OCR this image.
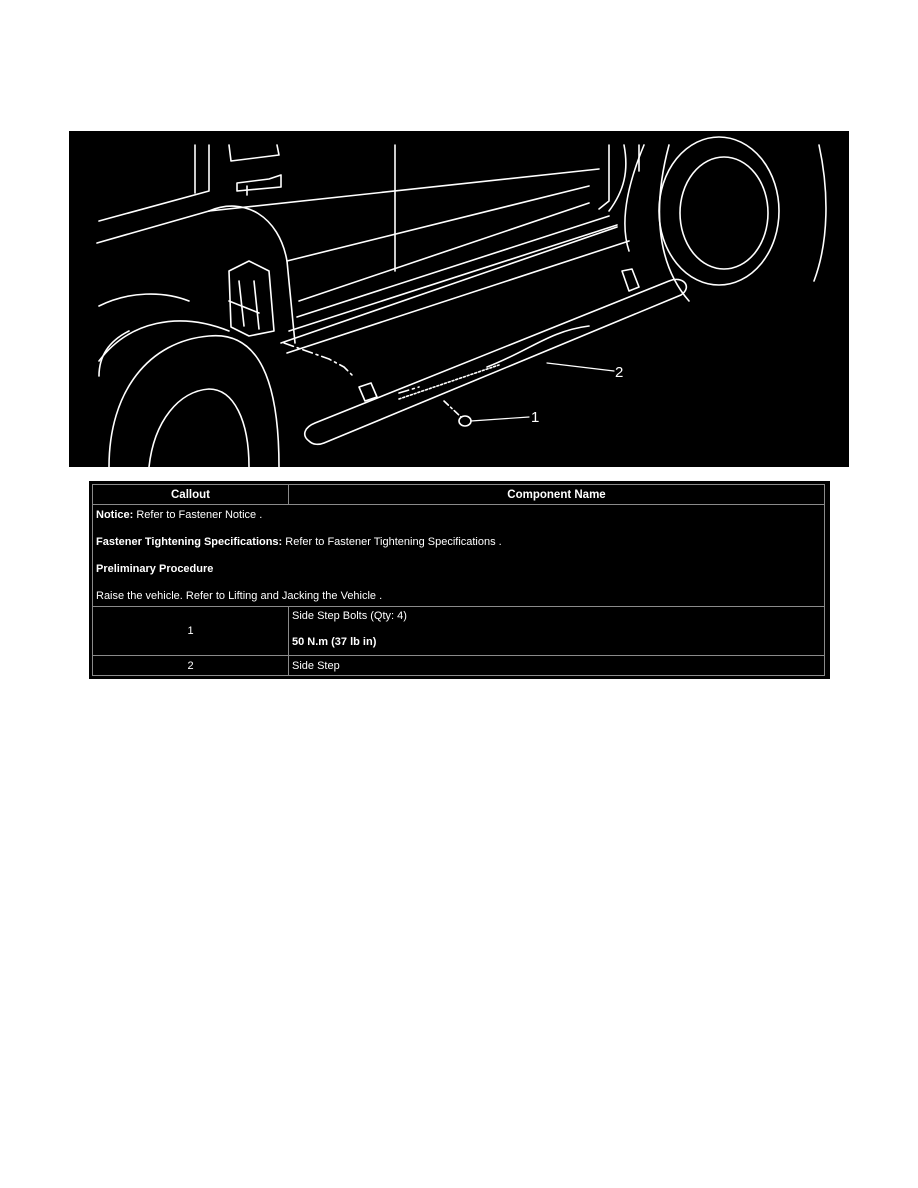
1
2
Callout	Component Name

Notice: Refer to Fastener Notice .

Fastener Tightening Specifications: Refer to Fastener Tightening Specifications .

Preliminary Procedure

Raise the vehicle. Refer to Lifting and Jacking the Vehicle .	

1	Side Step Bolts (Qty: 4)

50 N.m (37 lb in)

2	Side Step
